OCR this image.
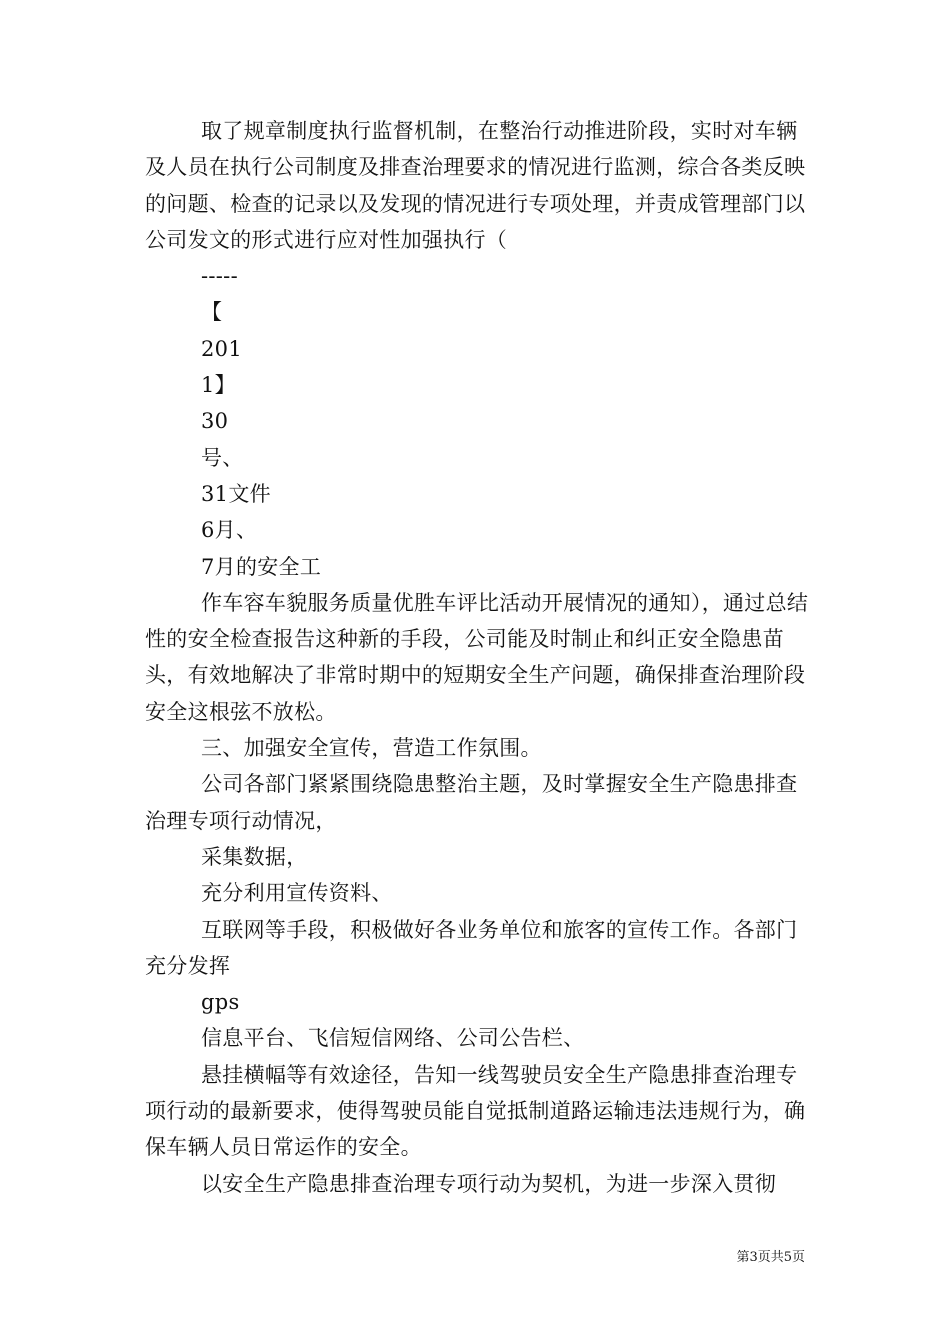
取了规章制度执行监督机制，在整治行动推进阶段，实时对车辆及人员在执行公司制度及排查治理要求的情况进行监测，综合各类反映的问题、检查的记录以及发现的情况进行专项处理，并责成管理部门以公司发文的形式进行应对性加强执行（

-----

【

201

1】

30

号、

31文件

6月、

7月的安全工

作车容车貌服务质量优胜车评比活动开展情况的通知），通过总结性的安全检查报告这种新的手段，公司能及时制止和纠正安全隐患苗头，有效地解决了非常时期中的短期安全生产问题，确保排查治理阶段安全这根弦不放松。

三、加强安全宣传，营造工作氛围。

公司各部门紧紧围绕隐患整治主题，及时掌握安全生产隐患排查治理专项行动情况，

采集数据，

充分利用宣传资料、

互联网等手段，积极做好各业务单位和旅客的宣传工作。各部门充分发挥

gps

信息平台、飞信短信网络、公司公告栏、

悬挂横幅等有效途径，告知一线驾驶员安全生产隐患排查治理专项行动的最新要求，使得驾驶员能自觉抵制道路运输违法违规行为，确保车辆人员日常运作的安全。

以安全生产隐患排查治理专项行动为契机，为进一步深入贯彻

第3页共5页
